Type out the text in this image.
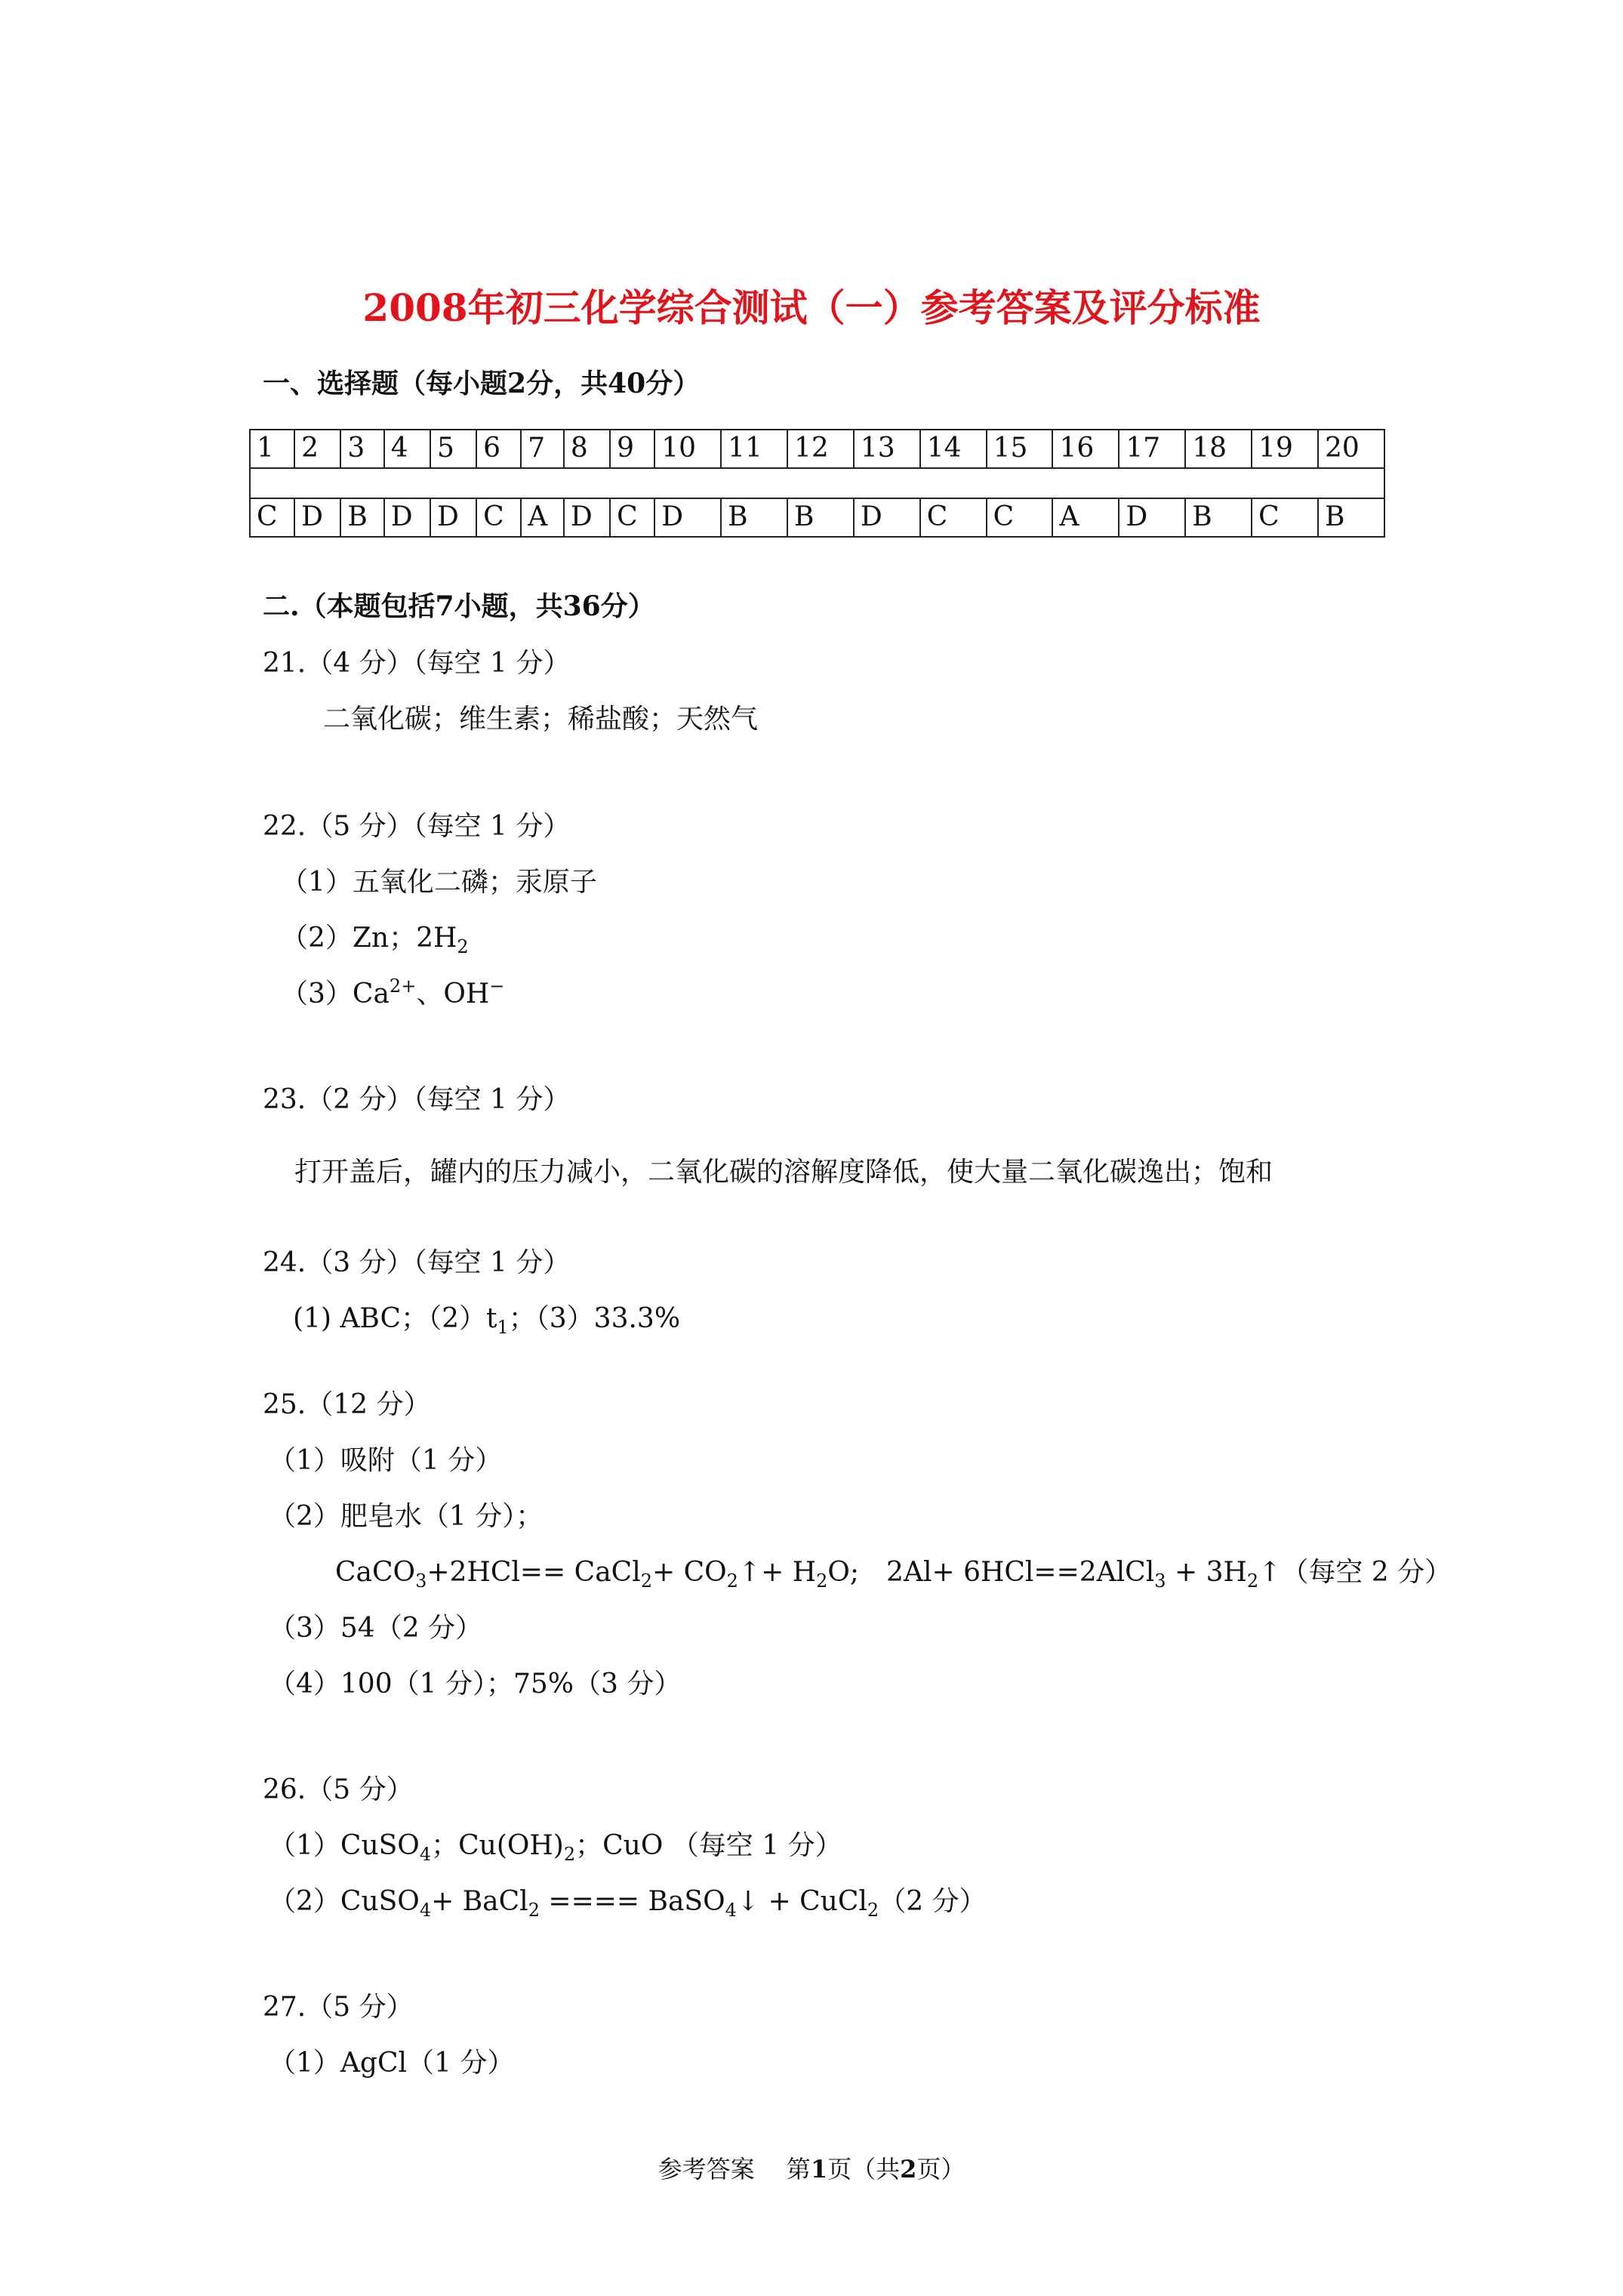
2008年初三化学综合测试（一）参考答案及评分标准
一、选择题（每小题2分，共40分）
1	2	3	4	5	6	7	8	9	10	11	12	13	14	15	16	17	18	19	20

C	D	B	D	D	C	A	D	C	D	B	B	D	C	C	A	D	B	C	B
二.（本题包括7小题，共36分）
21.（4 分）（每空 1 分）
二氧化碳；维生素；稀盐酸；天然气
22.（5 分）（每空 1 分）
（1）五氧化二磷；汞原子
（2）Zn；$2H_2$
$(3)Ca^{2+}$、OH−
23.（2 分）（每空 1 分）
打开盖后，罐内的压力减小，二氧化碳的溶解度降低，使大量二氧化碳逸出；饱和
24.（3 分）（每空 1 分）
(1) ABC；$(2)t_1$；（3）33.3%
25.（12 分）
（1）吸附（1 分）
（2）肥皂水（1 分）；
CaCO$_3$+2HCl== CaCl$_2$+ $CO_2↑+ H_2O$;　2Al+ 6HCl==2AlCl$_3$ + $3H_2↑$（每空 2 分）
（3）54（2 分）
（4）100（1 分）；75%（3 分）
26.（5 分）
（1）CuSO$_4$；$Cu(OH)_2$；CuO （每空 1 分）
（2）CuSO$_4$+ BaCl$_2$ ==== BaSO$_4$↓ + CuCl$_2$（2 分）
27.（5 分）
（1）AgCl（1 分）
参考答案　 第1页（共2页）
